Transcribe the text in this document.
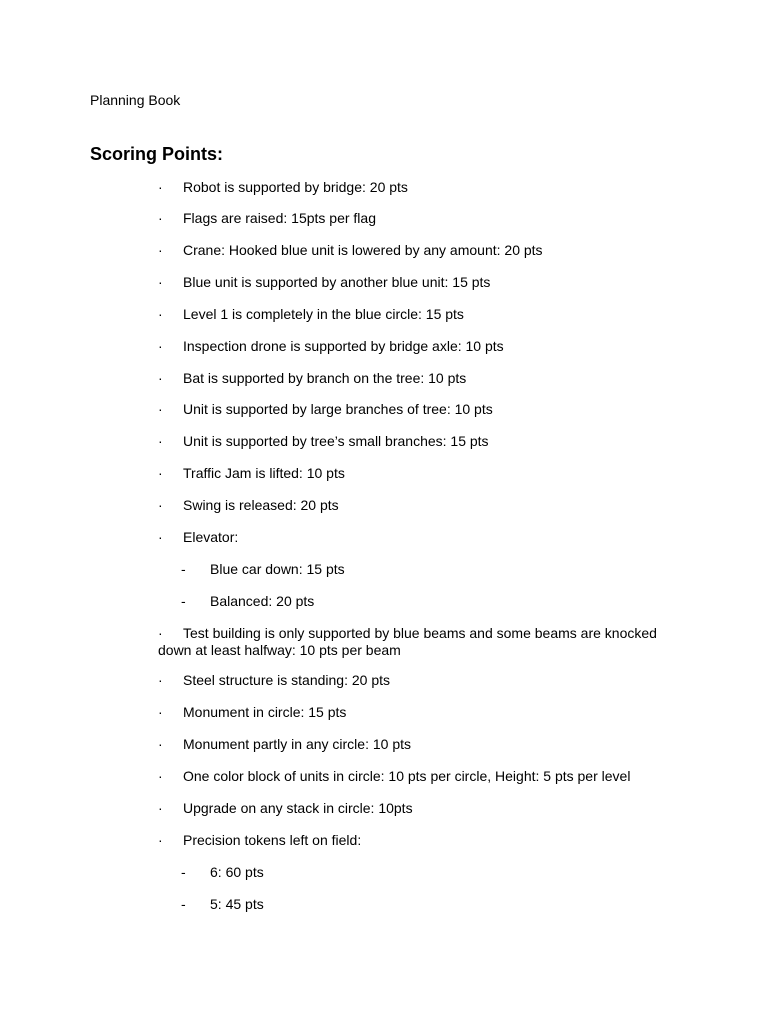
Planning Book
Scoring Points:
·	Robot is supported by bridge: 20 pts
·	Flags are raised: 15pts per flag
·	Crane: Hooked blue unit is lowered by any amount: 20 pts
·	Blue unit is supported by another blue unit: 15 pts
·	Level 1 is completely in the blue circle: 15 pts
·	Inspection drone is supported by bridge axle: 10 pts
·	Bat is supported by branch on the tree: 10 pts
·	Unit is supported by large branches of tree: 10 pts
·	Unit is supported by tree’s small branches: 15 pts
·	Traffic Jam is lifted: 10 pts
·	Swing is released: 20 pts
·	Elevator:
- Blue car down: 15 pts
- Balanced: 20 pts
· Test building is only supported by blue beams and some beams are knocked down at least halfway: 10 pts per beam
·	Steel structure is standing: 20 pts
·	Monument in circle: 15 pts
·	Monument partly in any circle: 10 pts
·	One color block of units in circle: 10 pts per circle, Height: 5 pts per level
·	Upgrade on any stack in circle: 10pts
·	Precision tokens left on field:
- 6: 60 pts
- 5: 45 pts
